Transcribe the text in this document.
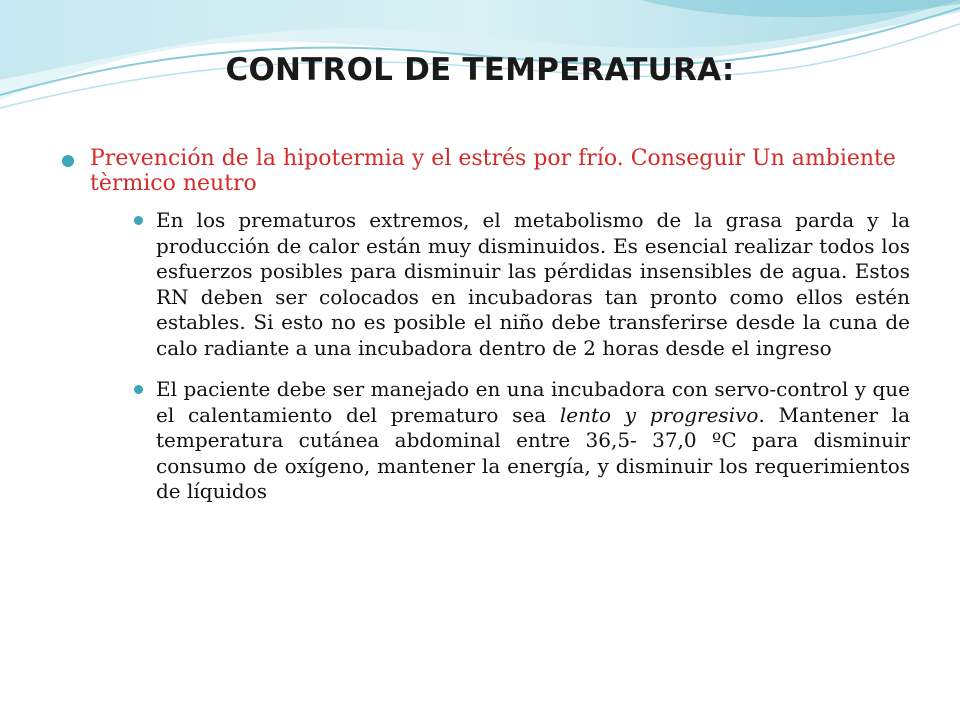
CONTROL DE TEMPERATURA:
Prevención de la hipotermia y el estrés por frío. Conseguir Un ambiente tèrmico neutro
En los prematuros extremos, el metabolismo de la grasa parda y la producción de calor están muy disminuidos. Es esencial realizar todos los esfuerzos posibles para disminuir las pérdidas insensibles de agua. Estos RN deben ser colocados en incubadoras tan pronto como ellos estén estables. Si esto no es posible el niño debe transferirse desde la cuna de calo radiante a una incubadora dentro de 2 horas desde el ingreso
El paciente debe ser manejado en una incubadora con servo-control y que el calentamiento del prematuro sea lento y progresivo. Mantener la temperatura cutánea abdominal entre 36,5- 37,0 ºC para disminuir consumo de oxígeno, mantener la energía, y disminuir los requerimientos de líquidos
